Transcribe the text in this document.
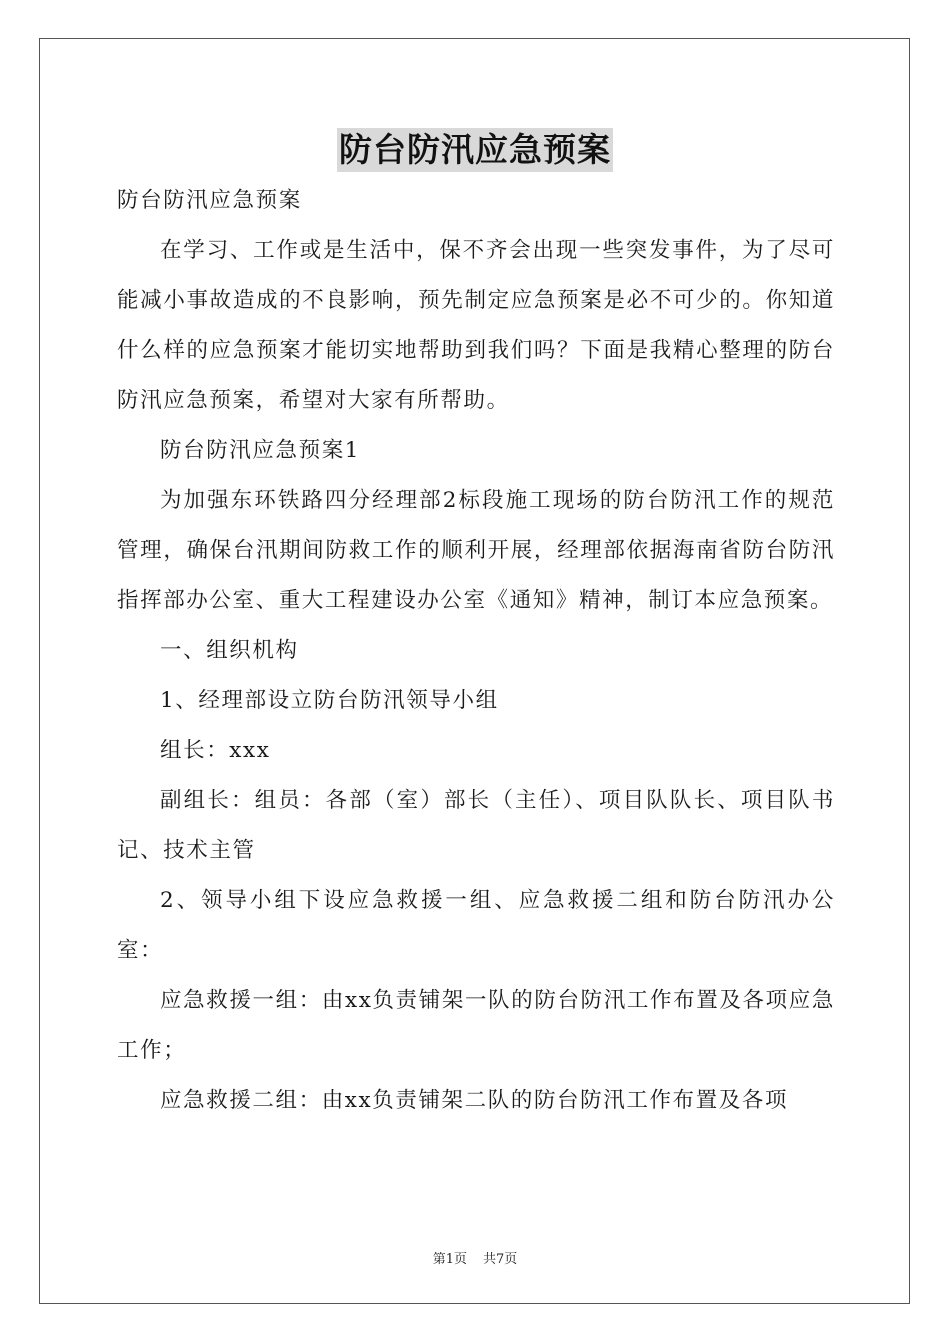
防台防汛应急预案

防台防汛应急预案

在学习、工作或是生活中，保不齐会出现一些突发事件，为了尽可能减小事故造成的不良影响，预先制定应急预案是必不可少的。你知道什么样的应急预案才能切实地帮助到我们吗？下面是我精心整理的防台防汛应急预案，希望对大家有所帮助。

防台防汛应急预案1

为加强东环铁路四分经理部2标段施工现场的防台防汛工作的规范管理，确保台汛期间防救工作的顺利开展，经理部依据海南省防台防汛指挥部办公室、重大工程建设办公室《通知》精神，制订本应急预案。

一、组织机构

1、经理部设立防台防汛领导小组

组长：xxx

副组长：组员：各部（室）部长（主任）、项目队队长、项目队书记、技术主管

2、领导小组下设应急救援一组、应急救援二组和防台防汛办公室：

应急救援一组：由xx负责铺架一队的防台防汛工作布置及各项应急工作；

应急救援二组：由xx负责铺架二队的防台防汛工作布置及各项

第1页 共7页
